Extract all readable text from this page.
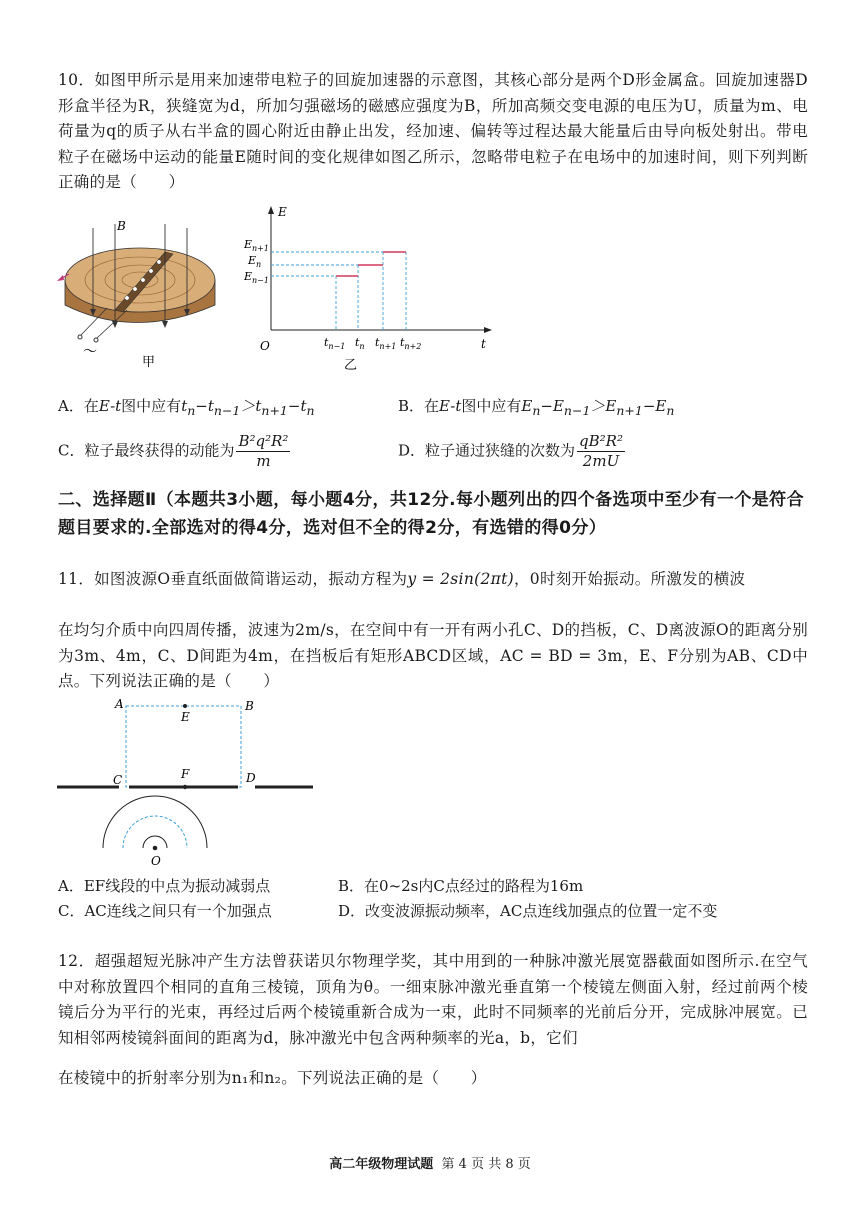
10．如图甲所示是用来加速带电粒子的回旋加速器的示意图，其核心部分是两个D形金属盒。回旋加速器D形盒半径为R，狭缝宽为d，所加匀强磁场的磁感应强度为B，所加高频交变电源的电压为U，质量为m、电荷量为q的质子从右半盒的圆心附近由静止出发，经加速、偏转等过程达最大能量后由导向板处射出。带电粒子在磁场中运动的能量E随时间的变化规律如图乙所示，忽略带电粒子在电场中的加速时间，则下列判断正确的是（　　）

B
～
甲
E
t
O
$E_{n+1}$
$E_n$
$E_{n-1}$
$t_{n-1}$ $t_n$ $t_{n+1}$ $t_{n+2}$
乙
A．在E-t图中应有$t_n-t_{n-1}>t_{n+1}-t_n$	B．在E-t图中应有$E_n-E_{n-1}>E_{n+1}-E_n$
C．粒子最终获得的动能为 $\frac{\text{B²q²R²}}{m}$	D．粒子通过狭缝的次数为 $\frac{\text{qB²R²}}{2mU}$

二、选择题Ⅱ（本题共3小题，每小题4分，共12分.每小题列出的四个备选项中至少有一个是符合题目要求的.全部选对的得4分，选对但不全的得2分，有选错的得0分）

11．如图波源O垂直纸面做简谐运动，振动方程为y = 2sin(2πt)，0时刻开始振动。所激发的横波

在均匀介质中向四周传播，波速为2m/s，在空间中有一开有两小孔C、D的挡板，C、D离波源O的距离分别为3m、4m，C、D间距为4m，在挡板后有矩形ABCD区域，AC = BD = 3m，E、F分别为AB、CD中点。下列说法正确的是（　　）

A	B
C	D
E
F
O
A．EF线段的中点为振动减弱点	B．在0~2s内C点经过的路程为16m
C．AC连线之间只有一个加强点	D．改变波源振动频率，AC点连线加强点的位置一定不变

12．超强超短光脉冲产生方法曾获诺贝尔物理学奖，其中用到的一种脉冲激光展宽器截面如图所示.在空气中对称放置四个相同的直角三棱镜，顶角为θ。一细束脉冲激光垂直第一个棱镜左侧面入射，经过前两个棱镜后分为平行的光束，再经过后两个棱镜重新合成为一束，此时不同频率的光前后分开，完成脉冲展宽。已知相邻两棱镜斜面间的距离为d，脉冲激光中包含两种频率的光a，b，它们

在棱镜中的折射率分别为n₁和n₂。下列说法正确的是（　　）

高二年级物理试题 第 4 页 共 8 页
